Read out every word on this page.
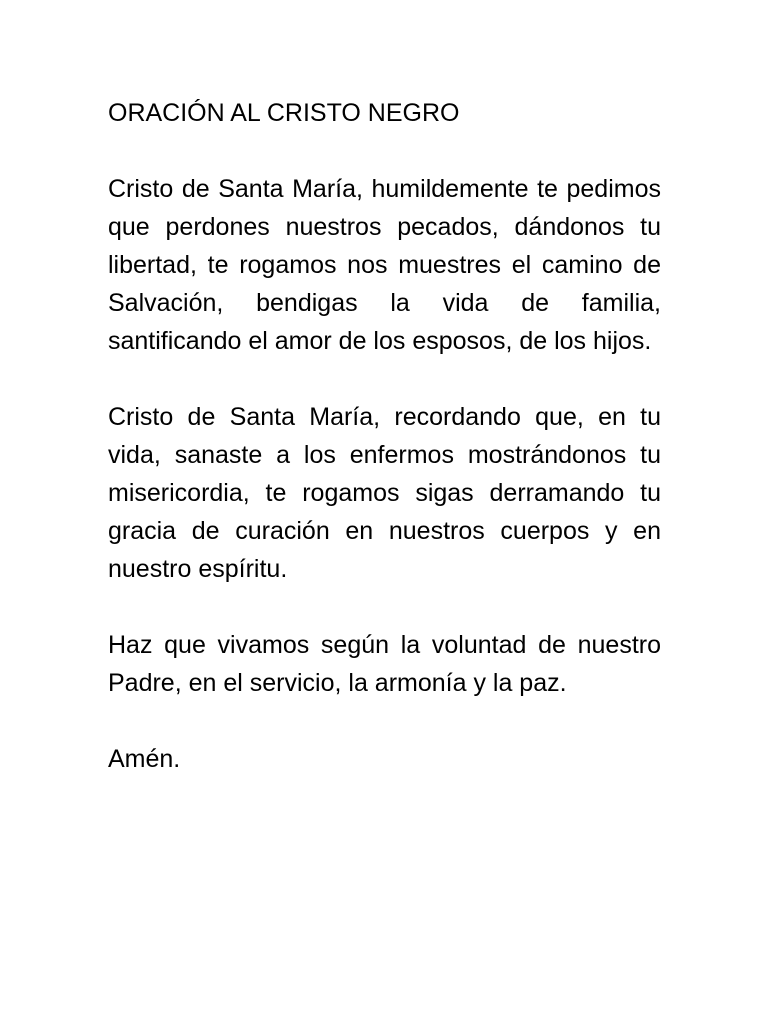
ORACIÓN AL CRISTO NEGRO

Cristo de Santa María, humildemente te pedimos que perdones nuestros pecados, dándonos tu libertad, te rogamos nos muestres el camino de Salvación, bendigas la vida de familia, santificando el amor de los esposos, de los hijos.

Cristo de Santa María, recordando que, en tu vida, sanaste a los enfermos mostrándonos tu misericordia, te rogamos sigas derramando tu gracia de curación en nuestros cuerpos y en nuestro espíritu.

Haz que vivamos según la voluntad de nuestro Padre, en el servicio, la armonía y la paz.

Amén.
